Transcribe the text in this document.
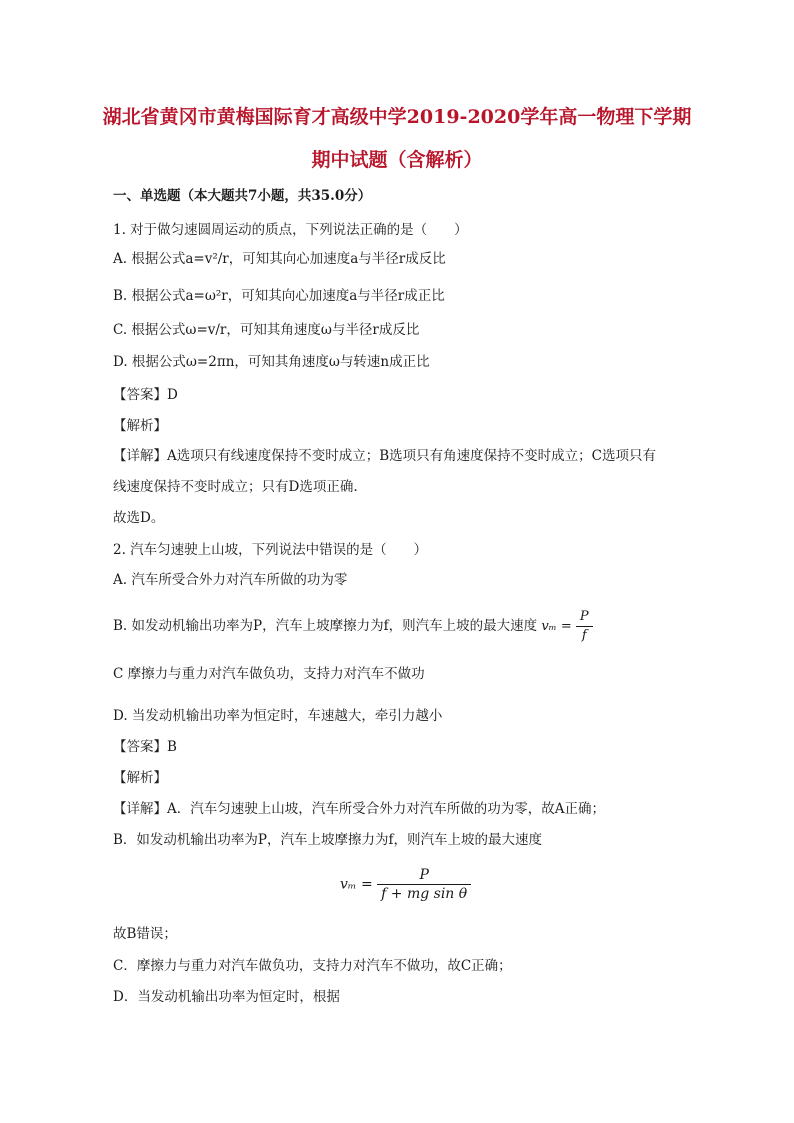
湖北省黄冈市黄梅国际育才高级中学2019-2020学年高一物理下学期
期中试题（含解析）
一、单选题（本大题共7小题，共35.0分）
1. 对于做匀速圆周运动的质点，下列说法正确的是（　　）
A. 根据公式a=v²/r，可知其向心加速度a与半径r成反比
B. 根据公式a=ω²r，可知其向心加速度a与半径r成正比
C. 根据公式ω=v/r，可知其角速度ω与半径r成反比
D. 根据公式ω=2πn，可知其角速度ω与转速n成正比
【答案】D
【解析】
【详解】A选项只有线速度保持不变时成立；B选项只有角速度保持不变时成立；C选项只有
线速度保持不变时成立；只有D选项正确.
故选D。
2. 汽车匀速驶上山坡，下列说法中错误的是（　　）
A. 汽车所受合外力对汽车所做的功为零
B. 如发动机输出功率为P，汽车上坡摩擦力为f，则汽车上坡的最大速度 $v_m = \frac{P}{f}$
C 摩擦力与重力对汽车做负功，支持力对汽车不做功
D. 当发动机输出功率为恒定时，车速越大，牵引力越小
【答案】B
【解析】
【详解】A．汽车匀速驶上山坡，汽车所受合外力对汽车所做的功为零，故A正确；
B．如发动机输出功率为P，汽车上坡摩擦力为f，则汽车上坡的最大速度
$v_m = \frac{P}{\text{f + mg sin θ}}$
故B错误；
C．摩擦力与重力对汽车做负功，支持力对汽车不做功，故C正确；
D．当发动机输出功率为恒定时，根据
